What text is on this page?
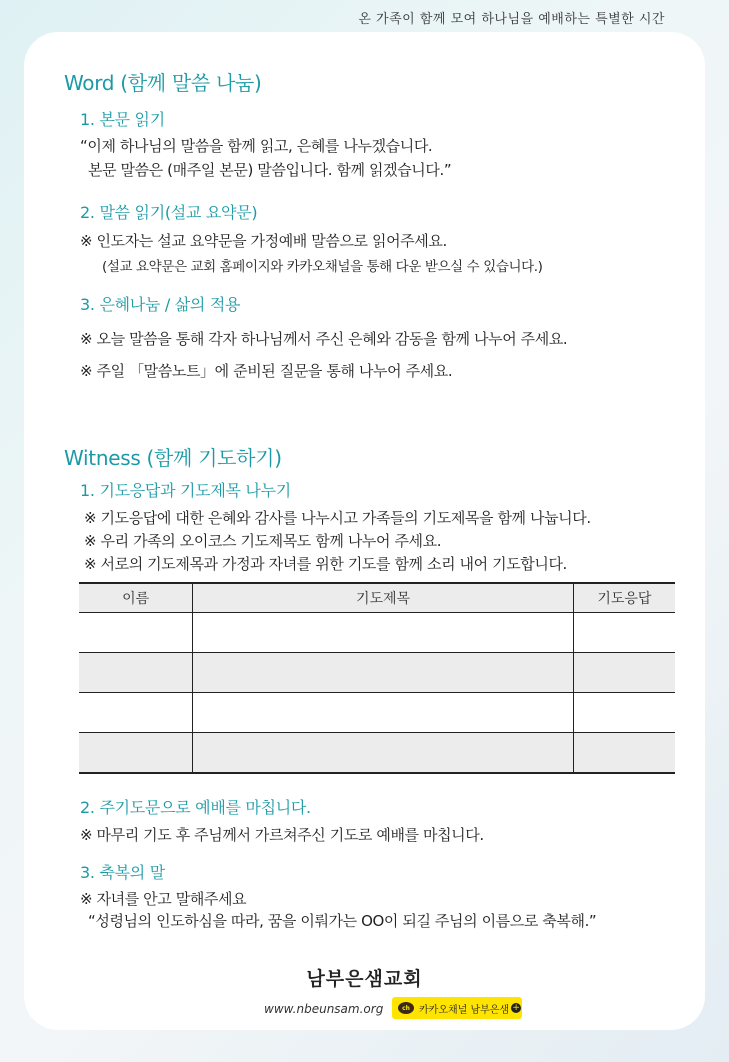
온 가족이 함께 모여 하나님을 예배하는 특별한 시간
Word (함께 말씀 나눔)
1. 본문 읽기
“이제 하나님의 말씀을 함께 읽고, 은혜를 나누겠습니다.
본문 말씀은 (매주일 본문) 말씀입니다. 함께 읽겠습니다.”
2. 말씀 읽기(설교 요약문)
※ 인도자는 설교 요약문을 가정예배 말씀으로 읽어주세요.
(설교 요약문은 교회 홈페이지와 카카오채널을 통해 다운 받으실 수 있습니다.)
3. 은혜나눔 / 삶의 적용
※ 오늘 말씀을 통해 각자 하나님께서 주신 은혜와 감동을 함께 나누어 주세요.
※ 주일 「말씀노트」에 준비된 질문을 통해 나누어 주세요.
Witness (함께 기도하기)
1. 기도응답과 기도제목 나누기
※ 기도응답에 대한 은혜와 감사를 나누시고 가족들의 기도제목을 함께 나눕니다.
※ 우리 가족의 오이코스 기도제목도 함께 나누어 주세요.
※ 서로의 기도제목과 가정과 자녀를 위한 기도를 함께 소리 내어 기도합니다.
이름	기도제목	기도응답

2. 주기도문으로 예배를 마칩니다.
※ 마무리 기도 후 주님께서 가르쳐주신 기도로 예배를 마칩니다.
3. 축복의 말
※ 자녀를 안고 말해주세요
“성령님의 인도하심을 따라, 꿈을 이뤄가는 OO이 되길 주님의 이름으로 축복해.”
남부은샘교회
www.nbeunsam.org	ch 카카오채널 남부은샘 +
